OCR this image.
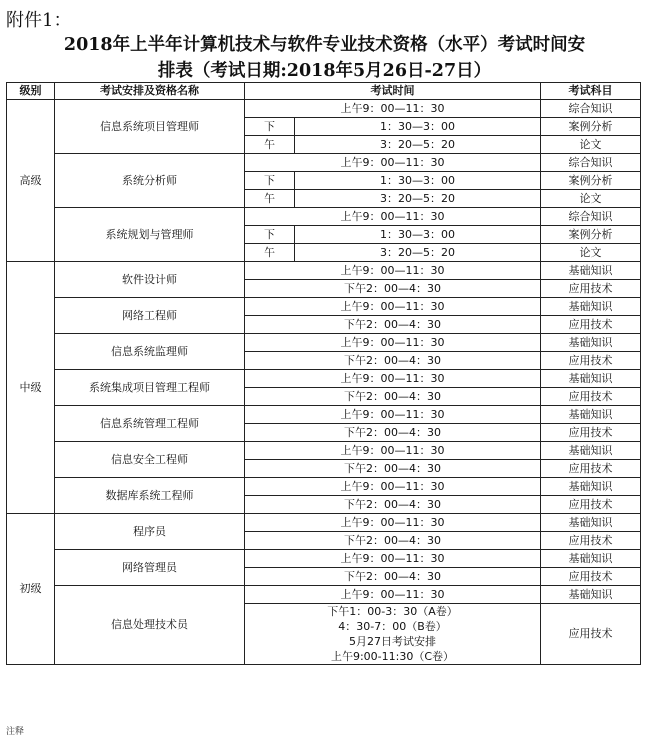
附件1：
2018年上半年计算机技术与软件专业技术资格（水平）考试时间安
排表（考试日期:2018年5月26日-27日）
级别	考试安排及资格名称	考试时间		考试科目
高级	信息系统项目管理师	上午9：00—11：30		综合知识
		下	1：30—3：00	案例分析
		午	3：20—5：20	论文
	系统分析师	上午9：00—11：30		综合知识
		下	1：30—3：00	案例分析
		午	3：20—5：20	论文
	系统规划与管理师	上午9：00—11：30		综合知识
		下	1：30—3：00	案例分析
		午	3：20—5：20	论文
中级	软件设计师	上午9：00—11：30		基础知识
		下午2：00—4：30		应用技术
	网络工程师	上午9：00—11：30		基础知识
		下午2：00—4：30		应用技术
	信息系统监理师	上午9：00—11：30		基础知识
		下午2：00—4：30		应用技术
	系统集成项目管理工程师	上午9：00—11：30		基础知识
		下午2：00—4：30		应用技术
	信息系统管理工程师	上午9：00—11：30		基础知识
		下午2：00—4：30		应用技术
	信息安全工程师	上午9：00—11：30		基础知识
		下午2：00—4：30		应用技术
	数据库系统工程师	上午9：00—11：30		基础知识
		下午2：00—4：30		应用技术

初级	程序员	上午9：00—11：30		基础知识
		下午2：00—4：30		应用技术
	网络管理员	上午9：00—11：30		基础知识
		下午2：00—4：30		应用技术
	信息处理技术员	上午9：00—11：30		基础知识

		下午1：00-3：30（A卷）
4：30-7：00（B卷）
5月27日考试安排
上午9:00-11:30（C卷）		应用技术

注释
